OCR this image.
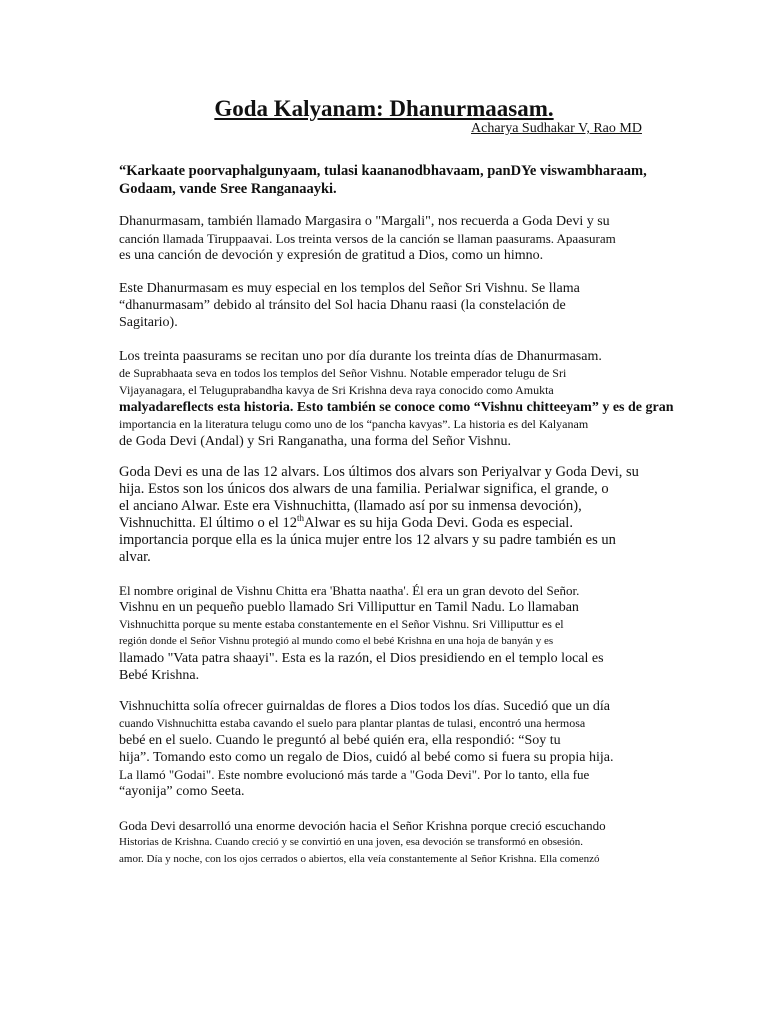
Goda Kalyanam: Dhanurmaasam.
Acharya Sudhakar V, Rao MD

“Karkaate poorvaphalgunyaam, tulasi kaananodbhavaam, panDYe viswambharaam,
Godaam, vande Sree Ranganaayki.

Dhanurmasam, también llamado Margasira o "Margali", nos recuerda a Goda Devi y su
canción llamada Tiruppaavai. Los treinta versos de la canción se llaman paasurams. Apaasuram
es una canción de devoción y expresión de gratitud a Dios, como un himno.

Este Dhanurmasam es muy especial en los templos del Señor Sri Vishnu. Se llama
“dhanurmasam” debido al tránsito del Sol hacia Dhanu raasi (la constelación de
Sagitario).

Los treinta paasurams se recitan uno por día durante los treinta días de Dhanurmasam.
de Suprabhaata seva en todos los templos del Señor Vishnu. Notable emperador telugu de Sri
Vijayanagara, el Teluguprabandha kavya de Sri Krishna deva raya conocido como Amukta
malyadareflects esta historia. Esto también se conoce como “Vishnu chitteeyam” y es de gran
importancia en la literatura telugu como uno de los “pancha kavyas”. La historia es del Kalyanam
de Goda Devi (Andal) y Sri Ranganatha, una forma del Señor Vishnu.

Goda Devi es una de las 12 alvars. Los últimos dos alvars son Periyalvar y Goda Devi, su
hija. Estos son los únicos dos alwars de una familia. Perialwar significa, el grande, o
el anciano Alwar. Este era Vishnuchitta, (llamado así por su inmensa devoción),
Vishnuchitta. El último o el 12thAlwar es su hija Goda Devi. Goda es especial.
importancia porque ella es la única mujer entre los 12 alvars y su padre también es un
alvar.

El nombre original de Vishnu Chitta era 'Bhatta naatha'. Él era un gran devoto del Señor.
Vishnu en un pequeño pueblo llamado Sri Villiputtur en Tamil Nadu. Lo llamaban
Vishnuchitta porque su mente estaba constantemente en el Señor Vishnu. Sri Villiputtur es el
región donde el Señor Vishnu protegió al mundo como el bebé Krishna en una hoja de banyán y es
llamado "Vata patra shaayi". Esta es la razón, el Dios presidiendo en el templo local es
Bebé Krishna.

Vishnuchitta solía ofrecer guirnaldas de flores a Dios todos los días. Sucedió que un día
cuando Vishnuchitta estaba cavando el suelo para plantar plantas de tulasi, encontró una hermosa
bebé en el suelo. Cuando le preguntó al bebé quién era, ella respondió: “Soy tu
hija”. Tomando esto como un regalo de Dios, cuidó al bebé como si fuera su propia hija.
La llamó "Godai". Este nombre evolucionó más tarde a "Goda Devi". Por lo tanto, ella fue
“ayonija” como Seeta.

Goda Devi desarrolló una enorme devoción hacia el Señor Krishna porque creció escuchando
Historias de Krishna. Cuando creció y se convirtió en una joven, esa devoción se transformó en obsesión.
amor. Día y noche, con los ojos cerrados o abiertos, ella veía constantemente al Señor Krishna. Ella comenzó
